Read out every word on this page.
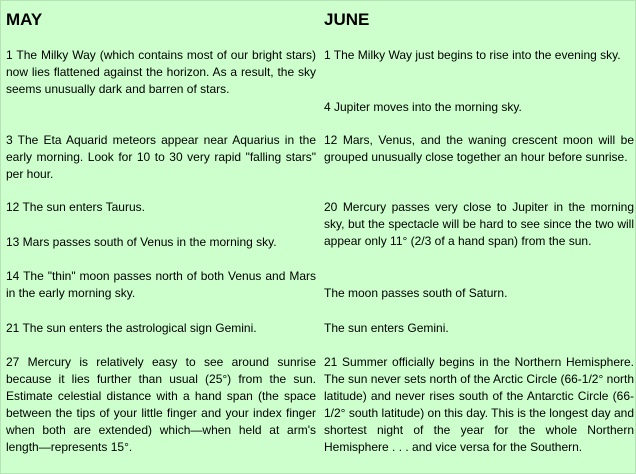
MAY
1 The Milky Way (which contains most of our bright stars) now lies flattened against the horizon. As a result, the sky seems unusually dark and barren of stars.
3 The Eta Aquarid meteors appear near Aquarius in the early morning. Look for 10 to 30 very rapid "falling stars" per hour.
12 The sun enters Taurus.
13 Mars passes south of Venus in the morning sky.
14 The "thin" moon passes north of both Venus and Mars in the early morning sky.
21 The sun enters the astrological sign Gemini.
27 Mercury is relatively easy to see around sunrise because it lies further than usual (25°) from the sun. Estimate celestial distance with a hand span (the space between the tips of your little finger and your index finger when both are extended) which—when held at arm's length—represents 15°.
JUNE
1 The Milky Way just begins to rise into the evening sky.
4 Jupiter moves into the morning sky.
12 Mars, Venus, and the waning crescent moon will be grouped unusually close together an hour before sunrise.
20 Mercury passes very close to Jupiter in the morning sky, but the spectacle will be hard to see since the two will appear only 11° (2/3 of a hand span) from the sun.
The moon passes south of Saturn.
The sun enters Gemini.
21 Summer officially begins in the Northern Hemisphere. The sun never sets north of the Arctic Circle (66-1/2° north latitude) and never rises south of the Antarctic Circle (66-1/2° south latitude) on this day. This is the longest day and shortest night of the year for the whole Northern Hemisphere . . . and vice versa for the Southern.
